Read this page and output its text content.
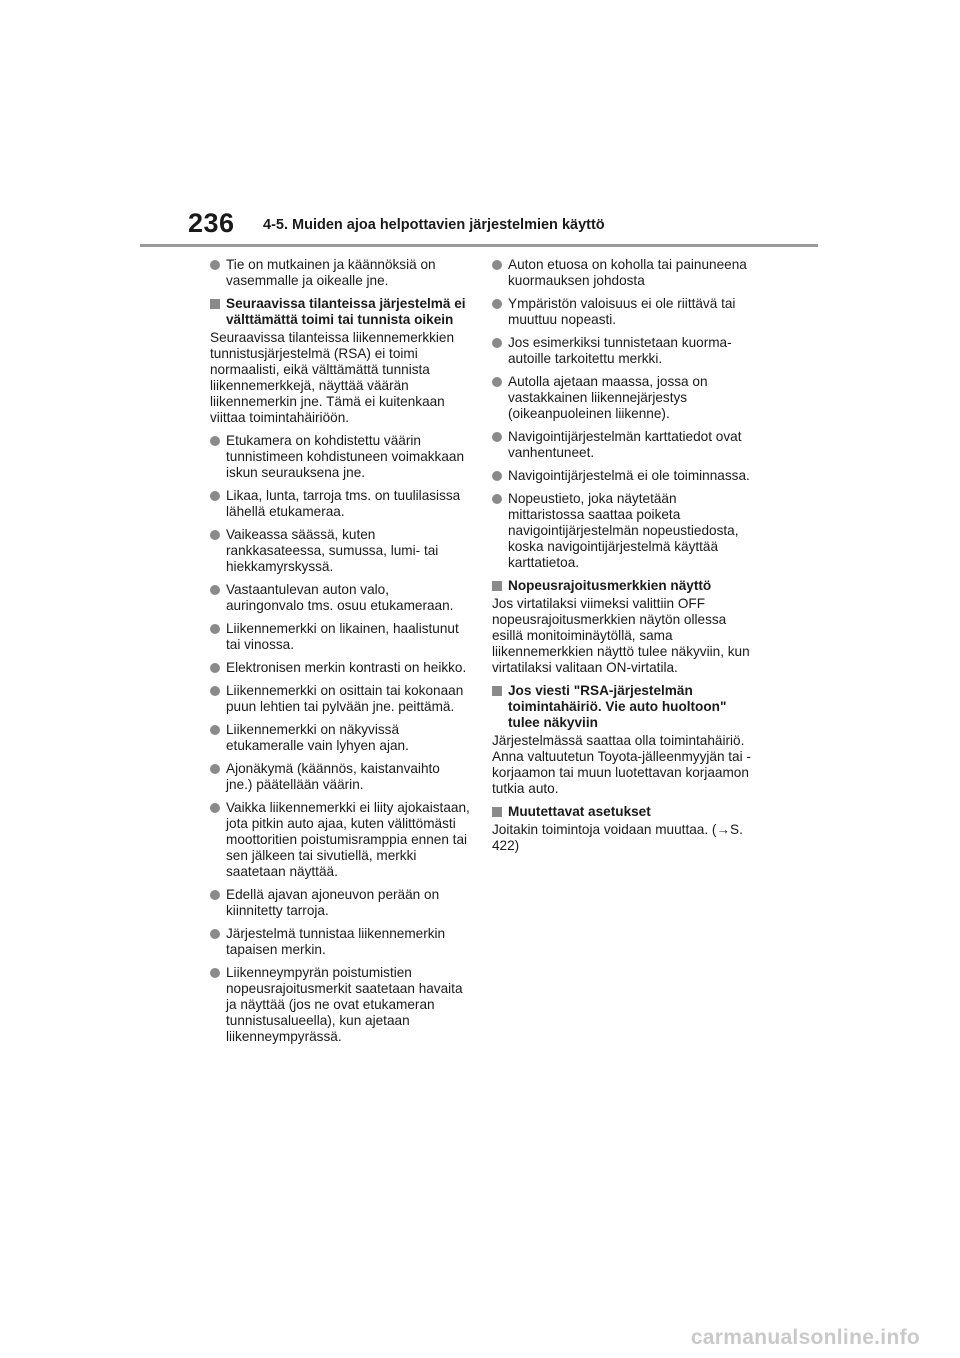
236 4-5. Muiden ajoa helpottavien järjestelmien käyttö
Tie on mutkainen ja käännöksiä on vasemmalle ja oikealle jne.
Seuraavissa tilanteissa järjestelmä ei välttämättä toimi tai tunnista oikein
Seuraavissa tilanteissa liikennemerkkien tunnistusjärjestelmä (RSA) ei toimi normaalisti, eikä välttämättä tunnista liikennemerkkejä, näyttää väärän liikennemerkin jne. Tämä ei kuitenkaan viittaa toimintahäiriöön.
Etukamera on kohdistettu väärin tunnistimeen kohdistuneen voimakkaan iskun seurauksena jne.
Likaa, lunta, tarroja tms. on tuulilasissa lähellä etukameraa.
Vaikeassa säässä, kuten rankkasateessa, sumussa, lumi- tai hiekkamyrskyssä.
Vastaantulevan auton valo, auringonvalo tms. osuu etukameraan.
Liikennemerkki on likainen, haalistunut tai vinossa.
Elektronisen merkin kontrasti on heikko.
Liikennemerkki on osittain tai kokonaan puun lehtien tai pylvään jne. peittämä.
Liikennemerkki on näkyvissä etukameralle vain lyhyen ajan.
Ajonäkymä (käännös, kaistanvaihto jne.) päätellään väärin.
Vaikka liikennemerkki ei liity ajokaistaan, jota pitkin auto ajaa, kuten välittömästi moottoritien poistumisramppia ennen tai sen jälkeen tai sivutiellä, merkki saatetaan näyttää.
Edellä ajavan ajoneuvon perään on kiinnitetty tarroja.
Järjestelmä tunnistaa liikennemerkin tapaisen merkin.
Liikenneympyrän poistumistien nopeusrajoitusmerkit saatetaan havaita ja näyttää (jos ne ovat etukameran tunnistusalueella), kun ajetaan liikenneympyrässä.
Auton etuosa on koholla tai painuneena kuormauksen johdosta
Ympäristön valoisuus ei ole riittävä tai muuttuu nopeasti.
Jos esimerkiksi tunnistetaan kuorma-autoille tarkoitettu merkki.
Autolla ajetaan maassa, jossa on vastakkainen liikennejärjestys (oikeanpuoleinen liikenne).
Navigointijärjestelmän karttatiedot ovat vanhentuneet.
Navigointijärjestelmä ei ole toiminnassa.
Nopeustieto, joka näytetään mittaristossa saattaa poiketa navigointijärjestelmän nopeustiedosta, koska navigointijärjestelmä käyttää karttatietoa.
Nopeusrajoitusmerkkien näyttö
Jos virtatilaksi viimeksi valittiin OFF nopeusrajoitusmerkkien näytön ollessa esillä monitoiminäytöllä, sama liikennemerkkien näyttö tulee näkyviin, kun virtatilaksi valitaan ON-virtatila.
Jos viesti "RSA-järjestelmän toimintahäiriö. Vie auto huoltoon" tulee näkyviin
Järjestelmässä saattaa olla toimintahäiriö. Anna valtuutetun Toyota-jälleenmyyjän tai -korjaamon tai muun luotettavan korjaamon tutkia auto.
Muutettavat asetukset
Joitakin toimintoja voidaan muuttaa. (→S. 422)
carmanualsonline.info
